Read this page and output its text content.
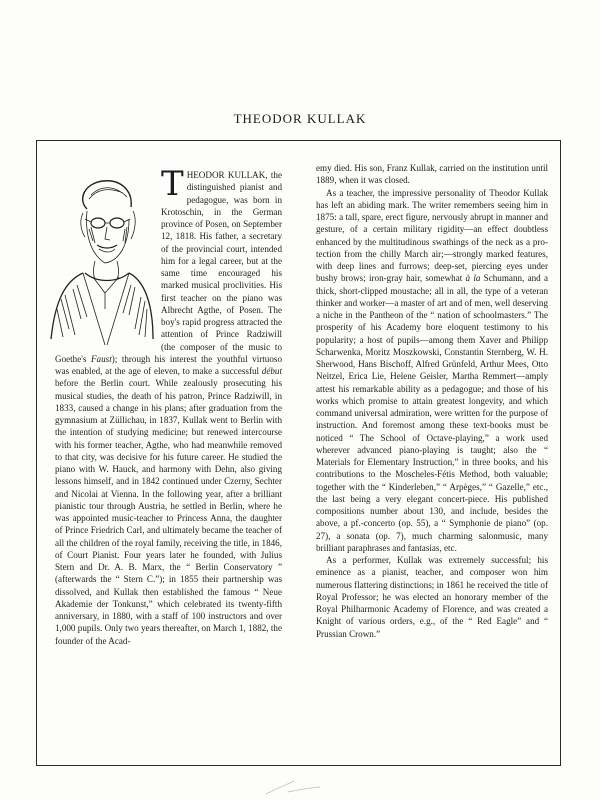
THEODOR KULLAK

THEODOR KULLAK, the distinguished pianist and pedagogue, was born in Krotoschin, in the German province of Posen, on September 12, 1818. His father, a secretary of the provincial court, intended him for a legal career, but at the same time encouraged his marked musical proclivities. His first teacher on the piano was Albrecht Agthe, of Posen. The boy's rapid progress attracted the attention of Prince Radziwill (the composer of the music to Goethe's Faust); through his interest the youthful virtuoso was enabled, at the age of eleven, to make a successful début before the Berlin court. While zealously prosecuting his musical studies, the death of his patron, Prince Radziwill, in 1833, caused a change in his plans; after graduation from the gymnasium at Züllichau, in 1837, Kullak went to Berlin with the intention of studying medicine; but renewed intercourse with his former teacher, Agthe, who had meanwhile removed to that city, was decisive for his future career. He studied the piano with W. Hauck, and harmony with Dehn, also giving lessons himself, and in 1842 continued under Czerny, Sechter and Nicolai at Vienna. In the following year, after a brilliant pianistic tour through Austria, he settled in Berlin, where he was appointed music-teacher to Princess Anna, the daughter of Prince Friedrich Carl, and ultimately became the teacher of all the children of the royal family, receiving the title, in 1846, of Court Pianist. Four years later he founded, with Julius Stern and Dr. A. B. Marx, the “ Berlin Conservatory ” (afterwards the “ Stern C.”); in 1855 their partnership was dissolved, and Kullak then established the famous “ Neue Akademie der Tonkunst,” which celebrated its twenty-fifth anniversary, in 1880, with a staff of 100 instructors and over 1,000 pupils. Only two years thereafter, on March 1, 1882, the founder of the Acad-

emy died. His son, Franz Kullak, carried on the institution until 1889, when it was closed.

As a teacher, the impressive personality of Theodor Kullak has left an abiding mark. The writer remembers seeing him in 1875: a tall, spare, erect figure, nervously abrupt in manner and gesture, of a certain military rigidity—an effect doubtless enhanced by the multitudinous swathings of the neck as a protection from the chilly March air;—strongly marked features, with deep lines and furrows; deep-set, piercing eyes under bushy brows; iron-gray hair, somewhat à la Schumann, and a thick, short-clipped moustache; all in all, the type of a veteran thinker and worker—a master of art and of men, well deserving a niche in the Pantheon of the “ nation of schoolmasters.” The prosperity of his Academy bore eloquent testimony to his popularity; a host of pupils—among them Xaver and Philipp Scharwenka, Moritz Moszkowski, Constantin Sternberg, W. H. Sherwood, Hans Bischoff, Alfred Grünfeld, Arthur Mees, Otto Neitzel, Erica Lie, Helene Geisler, Martha Remmert—amply attest his remarkable ability as a pedagogue; and those of his works which promise to attain greatest longevity, and which command universal admiration, were written for the purpose of instruction. And foremost among these text-books must be noticed “ The School of Octave-playing,” a work used wherever advanced piano-playing is taught; also the “ Materials for Elementary Instruction,” in three books, and his contributions to the Moscheles-Fétis Method, both valuable; together with the “ Kinderleben,” “ Arpèges,” “ Gazelle,” etc., the last being a very elegant concert-piece. His published compositions number about 130, and include, besides the above, a pf.-concerto (op. 55), a “ Symphonie de piano” (op. 27), a sonata (op. 7), much charming salonmusic, many brilliant paraphrases and fantasias, etc.

As a performer, Kullak was extremely successful; his eminence as a pianist, teacher, and composer won him numerous flattering distinctions; in 1861 he received the title of Royal Professor; he was elected an honorary member of the Royal Philharmonic Academy of Florence, and was created a Knight of various orders, e.g., of the “ Red Eagle” and “ Prussian Crown.”
